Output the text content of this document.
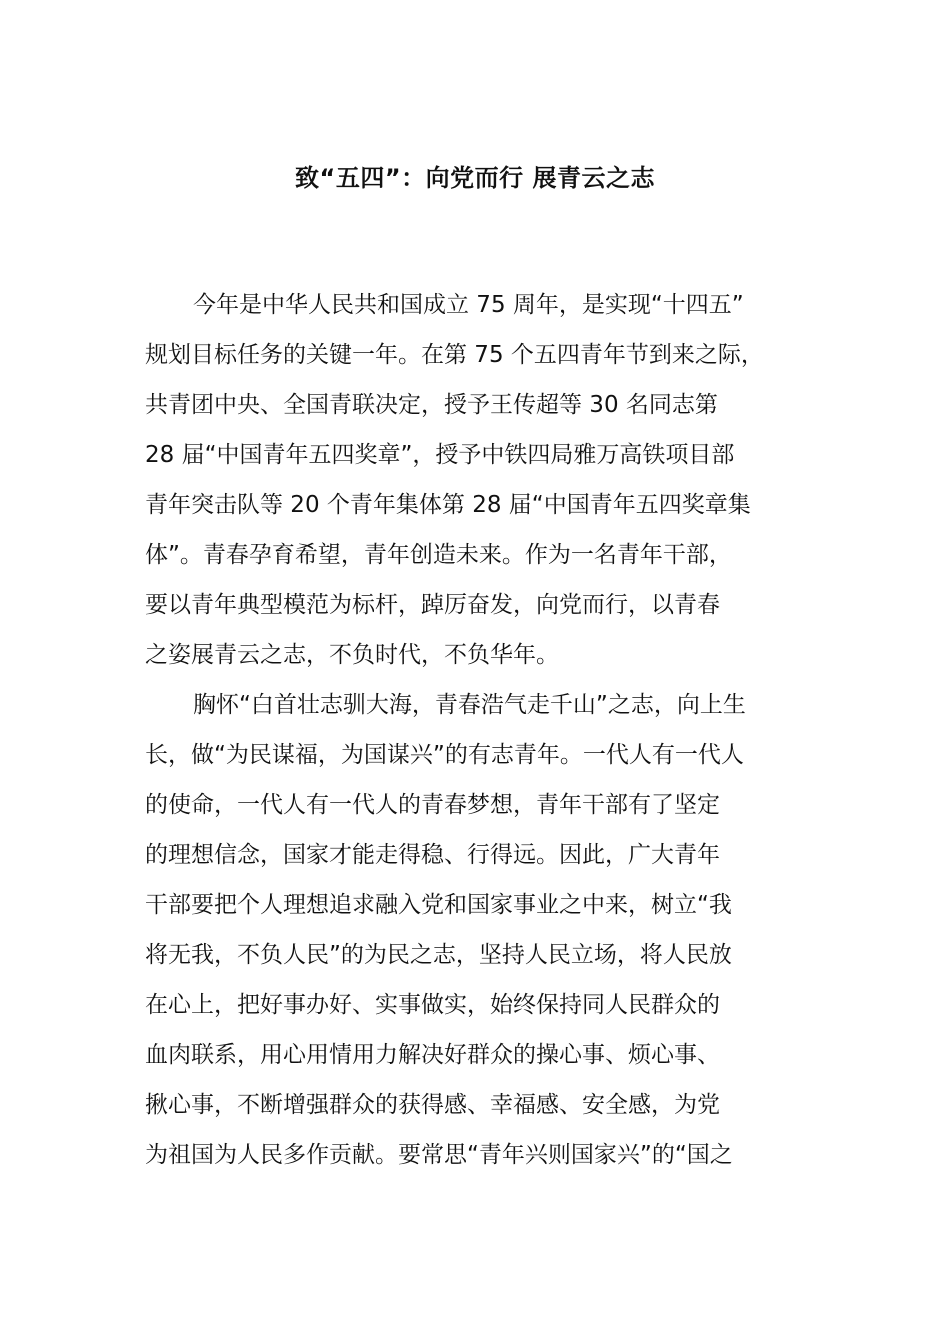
致“五四”：向党而行 展青云之志
今年是中华人民共和国成立 75 周年，是实现“十四五”
规划目标任务的关键一年。在第 75 个五四青年节到来之际，
共青团中央、全国青联决定，授予王传超等 30 名同志第
28 届“中国青年五四奖章”，授予中铁四局雅万高铁项目部
青年突击队等 20 个青年集体第 28 届“中国青年五四奖章集
体”。青春孕育希望，青年创造未来。作为一名青年干部，
要以青年典型模范为标杆，踔厉奋发，向党而行，以青春
之姿展青云之志，不负时代，不负华年。
胸怀“白首壮志驯大海，青春浩气走千山”之志，向上生
长，做“为民谋福，为国谋兴”的有志青年。一代人有一代人
的使命，一代人有一代人的青春梦想，青年干部有了坚定
的理想信念，国家才能走得稳、行得远。因此，广大青年
干部要把个人理想追求融入党和国家事业之中来，树立“我
将无我，不负人民”的为民之志，坚持人民立场，将人民放
在心上，把好事办好、实事做实，始终保持同人民群众的
血肉联系，用心用情用力解决好群众的操心事、烦心事、
揪心事，不断增强群众的获得感、幸福感、安全感，为党
为祖国为人民多作贡献。要常思“青年兴则国家兴”的“国之
